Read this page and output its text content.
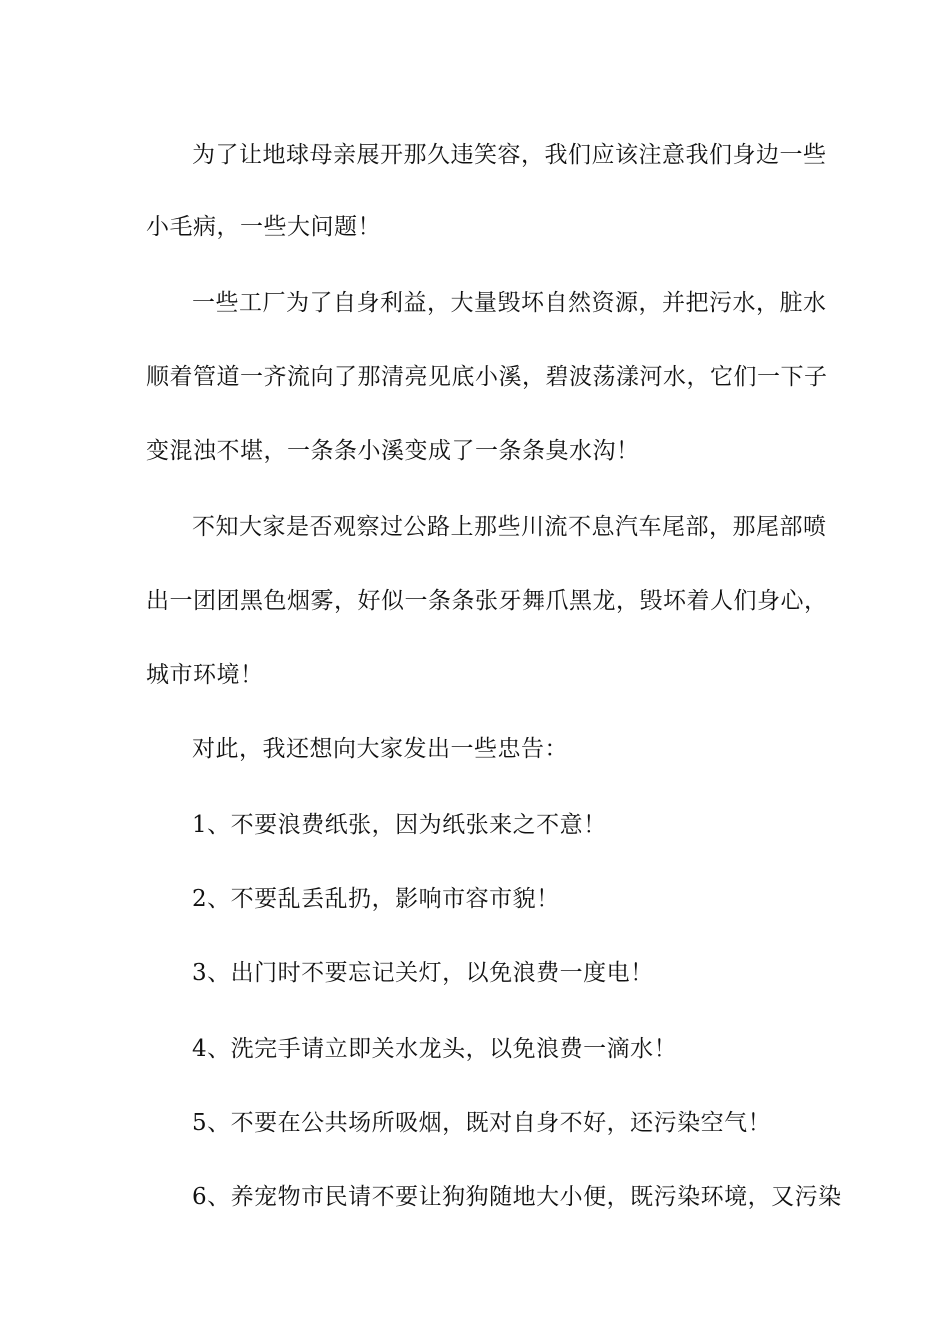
为了让地球母亲展开那久违笑容，我们应该注意我们身边一些
小毛病，一些大问题！
一些工厂为了自身利益，大量毁坏自然资源，并把污水，脏水
顺着管道一齐流向了那清亮见底小溪，碧波荡漾河水，它们一下子
变混浊不堪，一条条小溪变成了一条条臭水沟！
不知大家是否观察过公路上那些川流不息汽车尾部，那尾部喷
出一团团黑色烟雾，好似一条条张牙舞爪黑龙，毁坏着人们身心，
城市环境！
对此，我还想向大家发出一些忠告：
1、不要浪费纸张，因为纸张来之不意！
2、不要乱丢乱扔，影响市容市貌！
3、出门时不要忘记关灯，以免浪费一度电！
4、洗完手请立即关水龙头，以免浪费一滴水！
5、不要在公共场所吸烟，既对自身不好，还污染空气！
6、养宠物市民请不要让狗狗随地大小便，既污染环境，又污染
